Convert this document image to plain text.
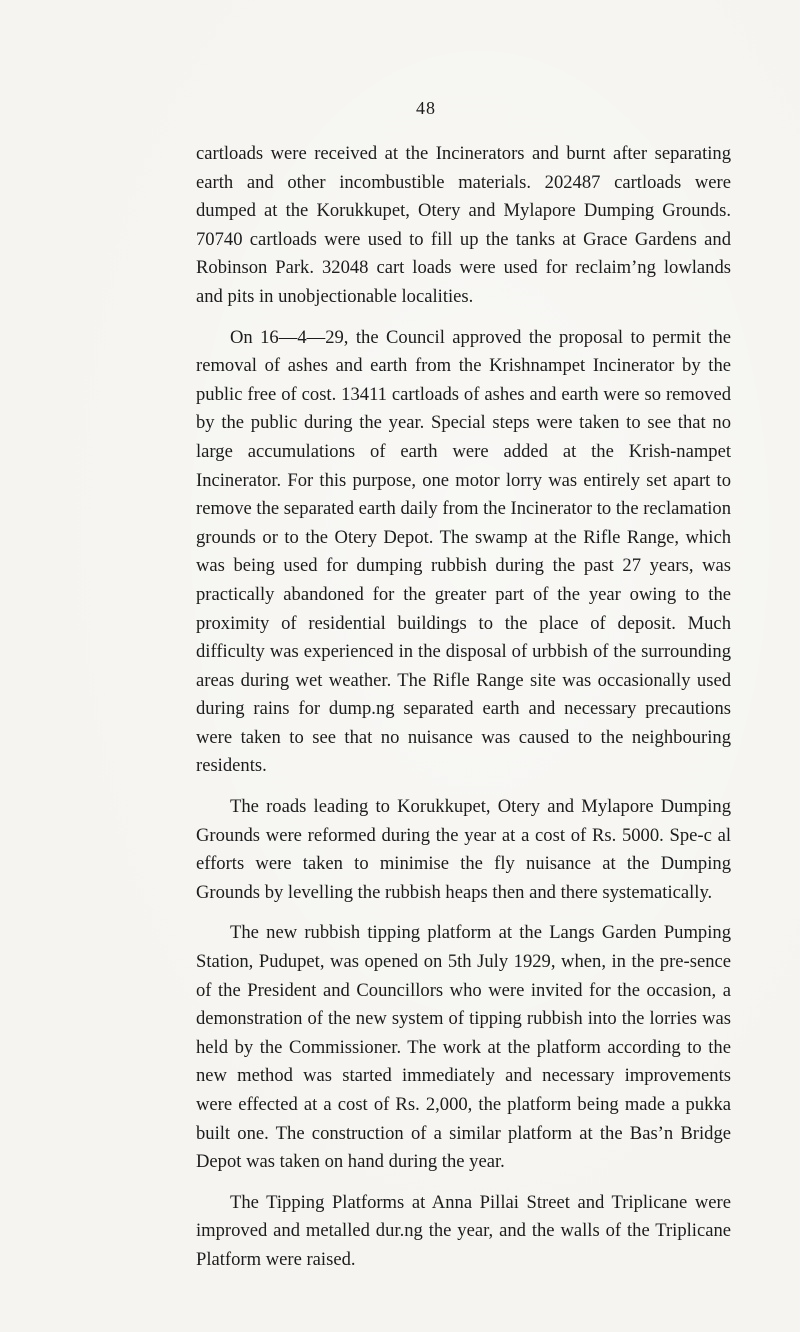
48

cartloads were received at the Incinerators and burnt after separating earth and other incombustible materials. 202487 cartloads were dumped at the Korukkupet, Otery and Mylapore Dumping Grounds. 70740 cartloads were used to fill up the tanks at Grace Gardens and Robinson Park. 32048 cart loads were used for reclaim’ng lowlands and pits in unobjectionable localities.

On 16—4—29, the Council approved the proposal to permit the removal of ashes and earth from the Krishnampet Incinerator by the public free of cost. 13411 cartloads of ashes and earth were so removed by the public during the year. Special steps were taken to see that no large accumulations of earth were added at the Krish-nampet Incinerator. For this purpose, one motor lorry was entirely set apart to remove the separated earth daily from the Incinerator to the reclamation grounds or to the Otery Depot. The swamp at the Rifle Range, which was being used for dumping rubbish during the past 27 years, was practically abandoned for the greater part of the year owing to the proximity of residential buildings to the place of deposit. Much difficulty was experienced in the disposal of urbbish of the surrounding areas during wet weather. The Rifle Range site was occasionally used during rains for dump.ng separated earth and necessary precautions were taken to see that no nuisance was caused to the neighbouring residents.

The roads leading to Korukkupet, Otery and Mylapore Dumping Grounds were reformed during the year at a cost of Rs. 5000. Spe-c al efforts were taken to minimise the fly nuisance at the Dumping Grounds by levelling the rubbish heaps then and there systematically.

The new rubbish tipping platform at the Langs Garden Pumping Station, Pudupet, was opened on 5th July 1929, when, in the pre-sence of the President and Councillors who were invited for the occasion, a demonstration of the new system of tipping rubbish into the lorries was held by the Commissioner. The work at the platform according to the new method was started immediately and necessary improvements were effected at a cost of Rs. 2,000, the platform being made a pukka built one. The construction of a similar platform at the Bas’n Bridge Depot was taken on hand during the year.

The Tipping Platforms at Anna Pillai Street and Triplicane were improved and metalled dur.ng the year, and the walls of the Triplicane Platform were raised.
